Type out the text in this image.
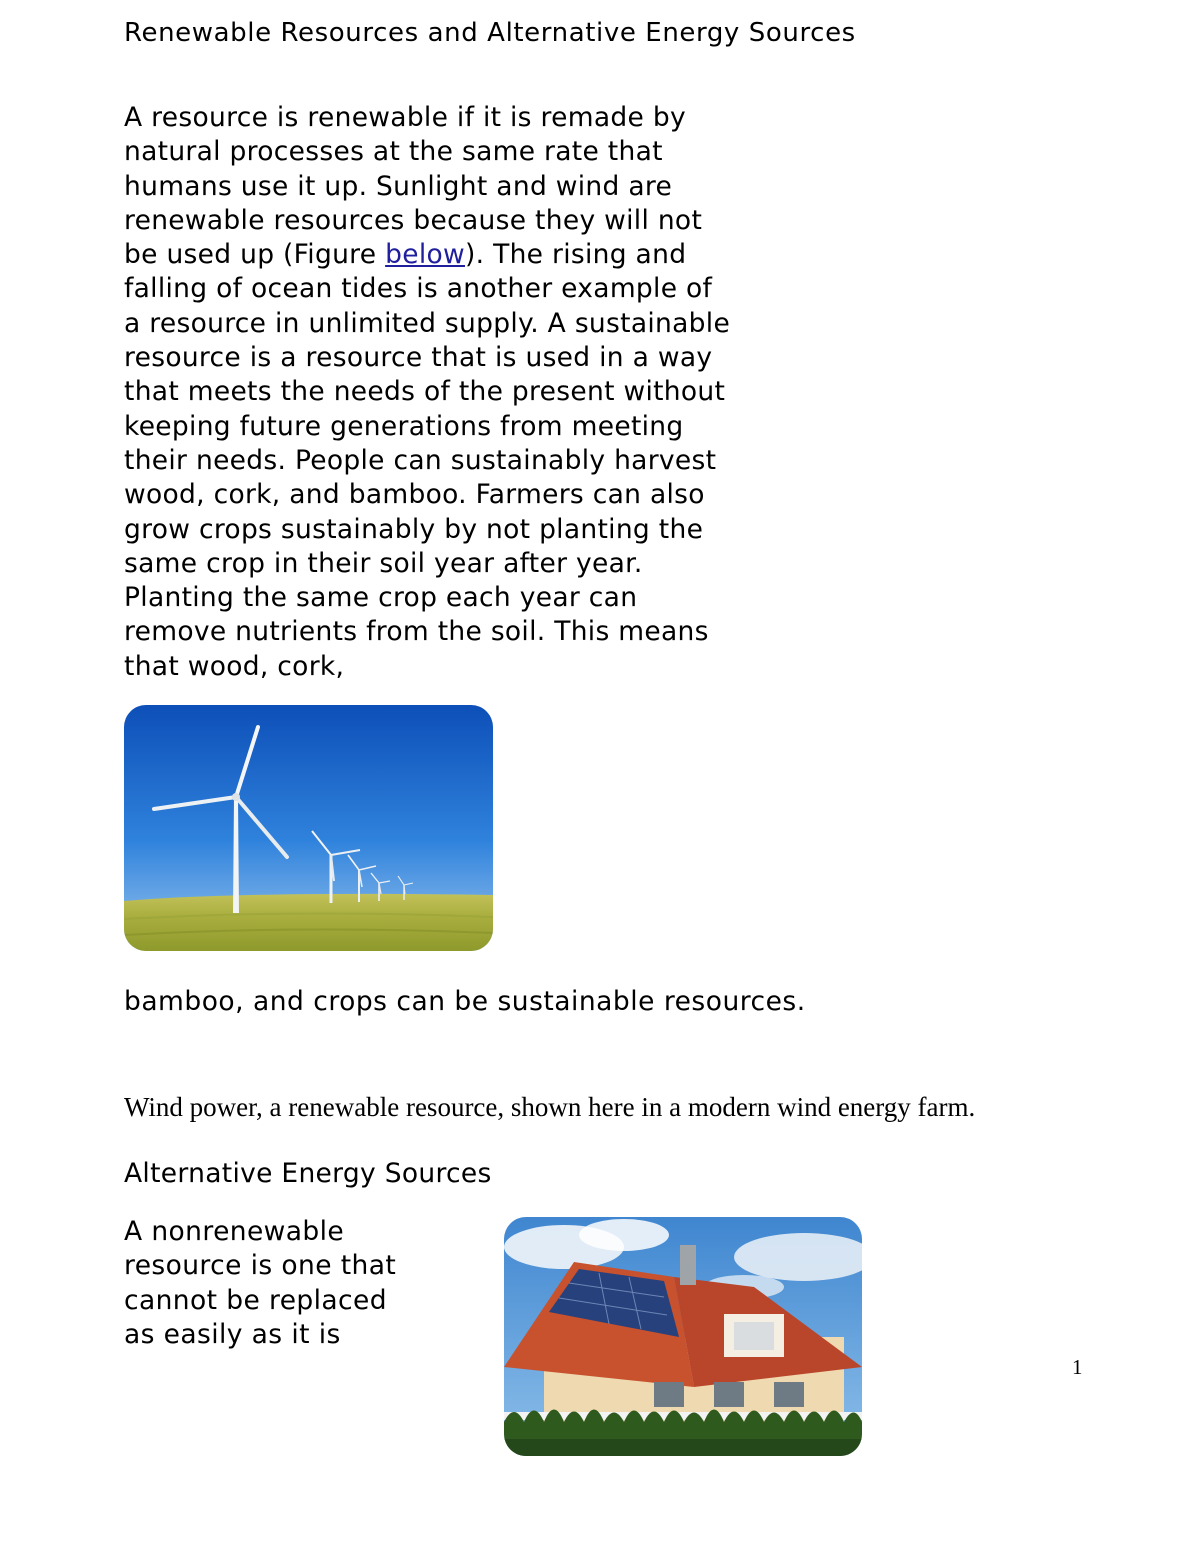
Renewable Resources and Alternative Energy Sources

A resource is renewable if it is remade by
natural processes at the same rate that
humans use it up. Sunlight and wind are
renewable resources because they will not
be used up (Figure below). The rising and
falling of ocean tides is another example of
a resource in unlimited supply. A sustainable
resource is a resource that is used in a way
that meets the needs of the present without
keeping future generations from meeting
their needs. People can sustainably harvest
wood, cork, and bamboo. Farmers can also
grow crops sustainably by not planting the
same crop in their soil year after year.
Planting the same crop each year can
remove nutrients from the soil. This means
that wood, cork,

bamboo, and crops can be sustainable resources.

Wind power, a renewable resource, shown here in a modern wind energy farm.

Alternative Energy Sources

A nonrenewable
resource is one that
cannot be replaced
as easily as it is

1
